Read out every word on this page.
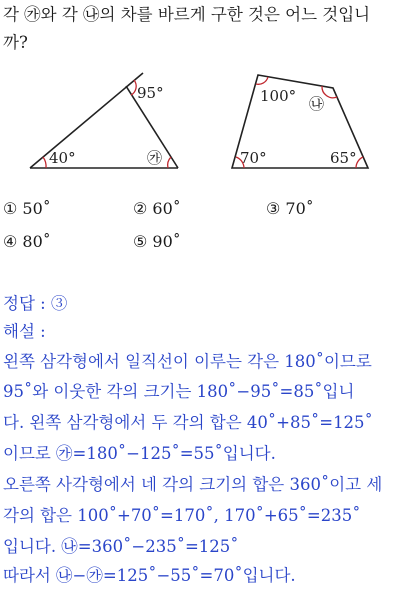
각 ㉮와 각 ㉯의 차를 바르게 구한 것은 어느 것입니
까?
95°
40°	㉮
100° ㉯
70°	65°
① 50˚	② 60˚	③ 70˚
④ 80˚	⑤ 90˚
정답 : ③
해설 :
왼쪽 삼각형에서 일직선이 이루는 각은 180˚이므로
95˚와 이웃한 각의 크기는 180˚−95˚=85˚입니
다. 왼쪽 삼각형에서 두 각의 합은 40˚+85˚=125˚
이므로 ㉮=180˚−125˚=55˚입니다.
오른쪽 사각형에서 네 각의 크기의 합은 360˚이고 세
각의 합은 100˚+70˚=170˚, 170˚+65˚=235˚
입니다. ㉯=360˚−235˚=125˚
따라서 ㉯−㉮=125˚−55˚=70˚입니다.
